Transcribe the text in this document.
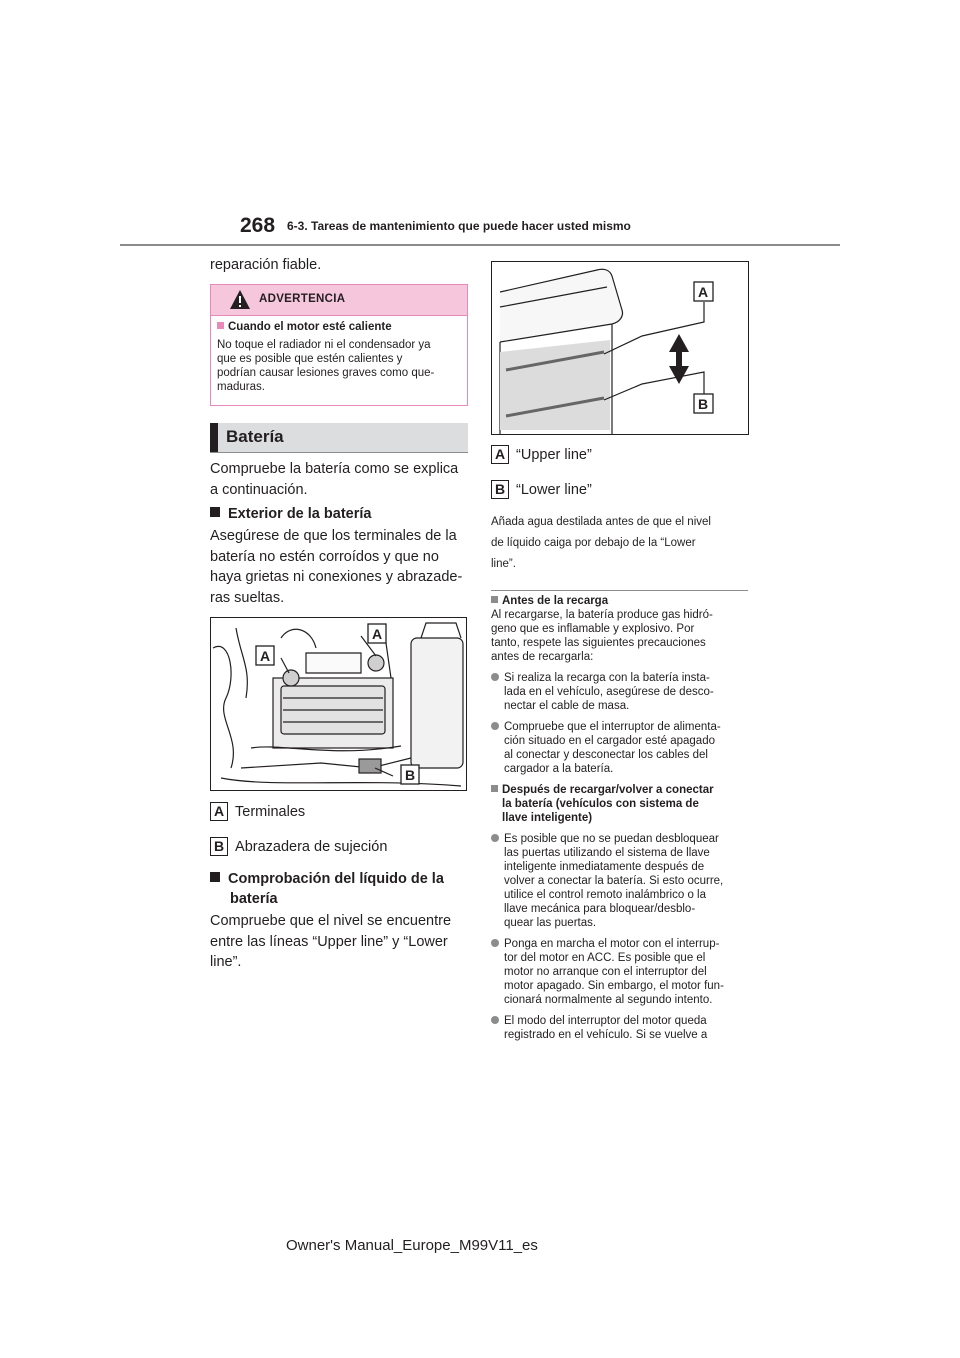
268 6-3. Tareas de mantenimiento que puede hacer usted mismo
reparación fiable.
ADVERTENCIA
Cuando el motor esté caliente
No toque el radiador ni el condensador ya
que es posible que estén calientes y
podrían causar lesiones graves como que-
maduras.
Batería
Compruebe la batería como se explica
a continuación.
Exterior de la batería
Asegúrese de que los terminales de la
batería no estén corroídos y que no
haya grietas ni conexiones y abrazade-
ras sueltas.
A
A
B
A Terminales
B Abrazadera de sujeción
Comprobación del líquido de la
batería
Compruebe que el nivel se encuentre
entre las líneas “Upper line” y “Lower
line”.
A
B
A “Upper line”
B “Lower line”
Añada agua destilada antes de que el nivel
de líquido caiga por debajo de la “Lower
line”.

Antes de la recarga

Al recargarse, la batería produce gas hidró-

geno que es inflamable y explosivo. Por

tanto, respete las siguientes precauciones

antes de recargarla:

Si realiza la recarga con la batería insta-

lada en el vehículo, asegúrese de desco-

nectar el cable de masa.

Compruebe que el interruptor de alimenta-

ción situado en el cargador esté apagado

al conectar y desconectar los cables del

cargador a la batería.

Después de recargar/volver a conectar

la batería (vehículos con sistema de

llave inteligente)

Es posible que no se puedan desbloquear

las puertas utilizando el sistema de llave

inteligente inmediatamente después de

volver a conectar la batería. Si esto ocurre,

utilice el control remoto inalámbrico o la

llave mecánica para bloquear/desblo-

quear las puertas.

Ponga en marcha el motor con el interrup-

tor del motor en ACC. Es posible que el

motor no arranque con el interruptor del

motor apagado. Sin embargo, el motor fun-

cionará normalmente al segundo intento.

El modo del interruptor del motor queda

registrado en el vehículo. Si se vuelve a

Owner's Manual_Europe_M99V11_es
